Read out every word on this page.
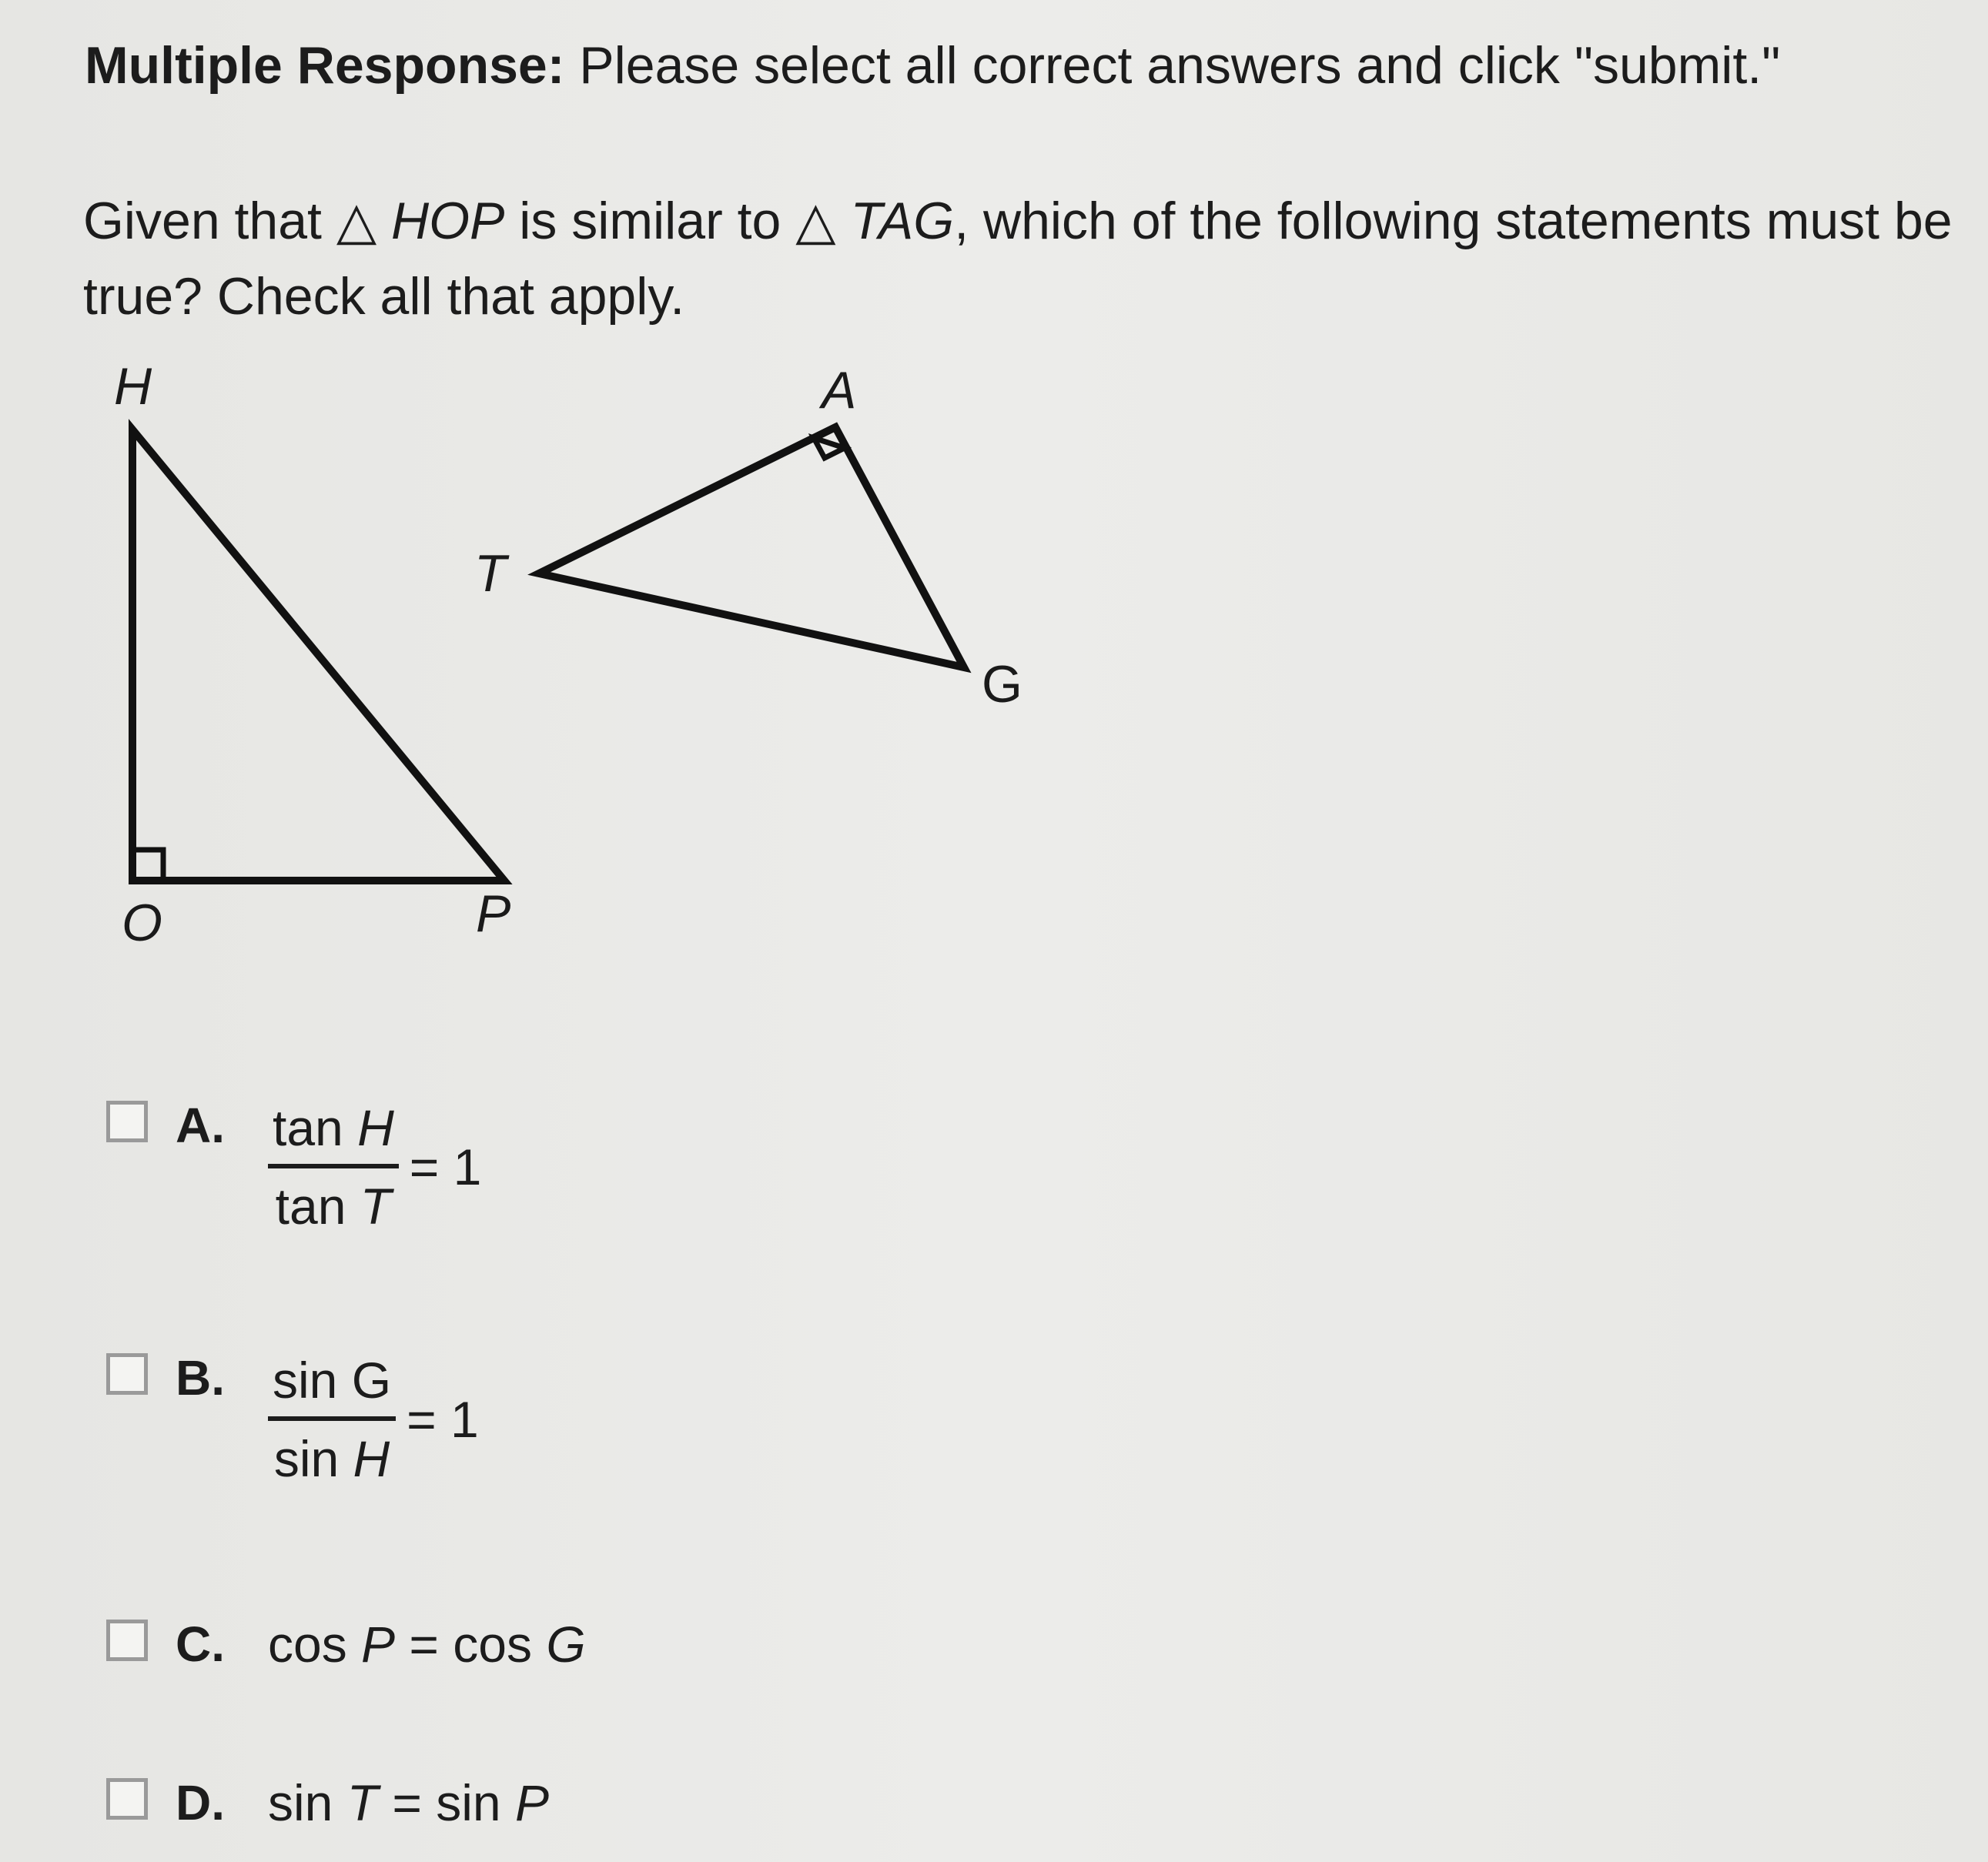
Multiple Response: Please select all correct answers and click "submit."
Given that △ HOP is similar to △ TAG, which of the following statements must be true? Check all that apply.
H
O	P
T
A
G
A. $\frac{\text{tan H}}{\text{tan T}} = 1$
B. $\frac{\text{sin G}}{\text{sin H}} = 1$
C. cos P = cos G
D. sin T = sin P
